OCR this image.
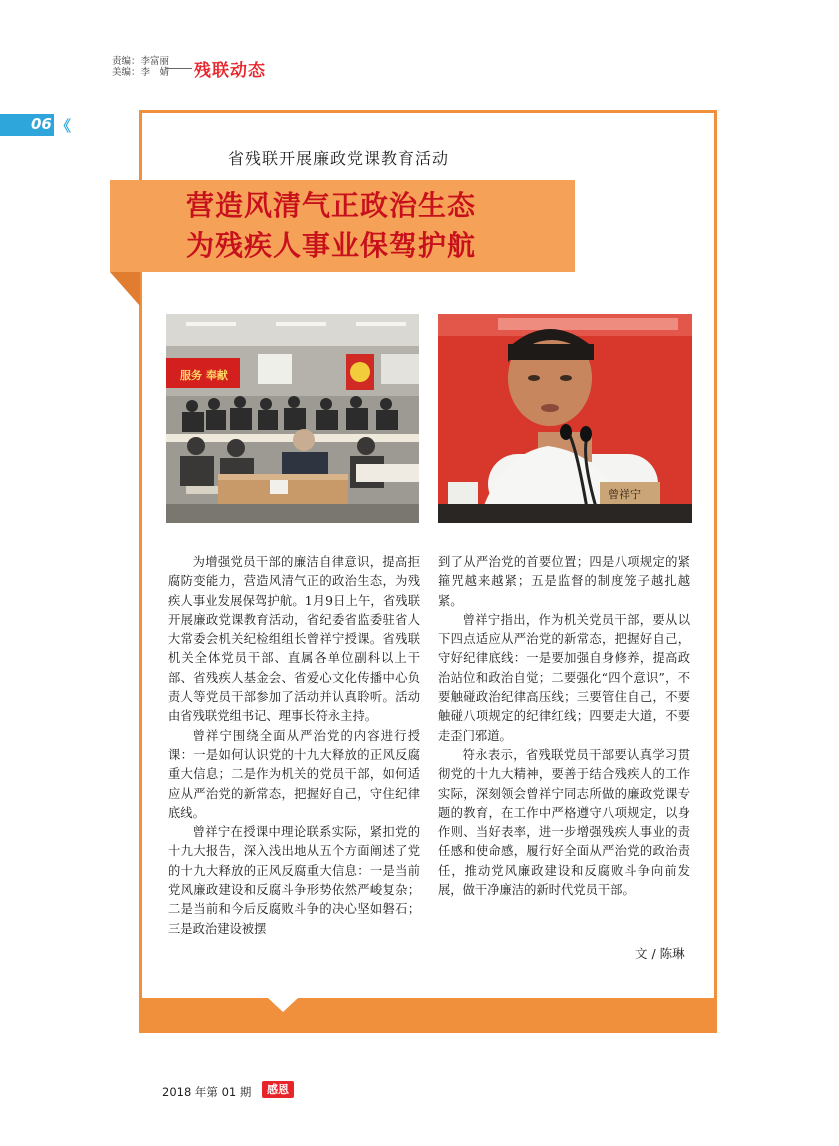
责编：李富丽
美编：李　婧 残联动态
06 《
省残联开展廉政党课教育活动
营造风清气正政治生态
为残疾人事业保驾护航
服务 奉献
曾祥宁

为增强党员干部的廉洁自律意识，提高拒腐防变能力，营造风清气正的政治生态，为残疾人事业发展保驾护航。1月9日上午，省残联开展廉政党课教育活动，省纪委省监委驻省人大常委会机关纪检组组长曾祥宁授课。省残联机关全体党员干部、直属各单位副科以上干部、省残疾人基金会、省爱心文化传播中心负责人等党员干部参加了活动并认真聆听。活动由省残联党组书记、理事长符永主持。

曾祥宁围绕全面从严治党的内容进行授课：一是如何认识党的十九大释放的正风反腐重大信息；二是作为机关的党员干部，如何适应从严治党的新常态，把握好自己，守住纪律底线。

曾祥宁在授课中理论联系实际，紧扣党的十九大报告，深入浅出地从五个方面阐述了党的十九大释放的正风反腐重大信息：一是当前党风廉政建设和反腐斗争形势依然严峻复杂；二是当前和今后反腐败斗争的决心坚如磐石；三是政治建设被摆

到了从严治党的首要位置；四是八项规定的紧箍咒越来越紧；五是监督的制度笼子越扎越紧。

曾祥宁指出，作为机关党员干部，要从以下四点适应从严治党的新常态，把握好自己，守好纪律底线：一是要加强自身修养，提高政治站位和政治自觉；二要强化“四个意识”，不要触碰政治纪律高压线；三要管住自己，不要触碰八项规定的纪律红线；四要走大道，不要走歪门邪道。

符永表示，省残联党员干部要认真学习贯彻党的十九大精神，要善于结合残疾人的工作实际，深刻领会曾祥宁同志所做的廉政党课专题的教育，在工作中严格遵守八项规定，以身作则、当好表率，进一步增强残疾人事业的责任感和使命感，履行好全面从严治党的政治责任，推动党风廉政建设和反腐败斗争向前发展，做干净廉洁的新时代党员干部。

文 / 陈琳
2018 年第 01 期	感恩
